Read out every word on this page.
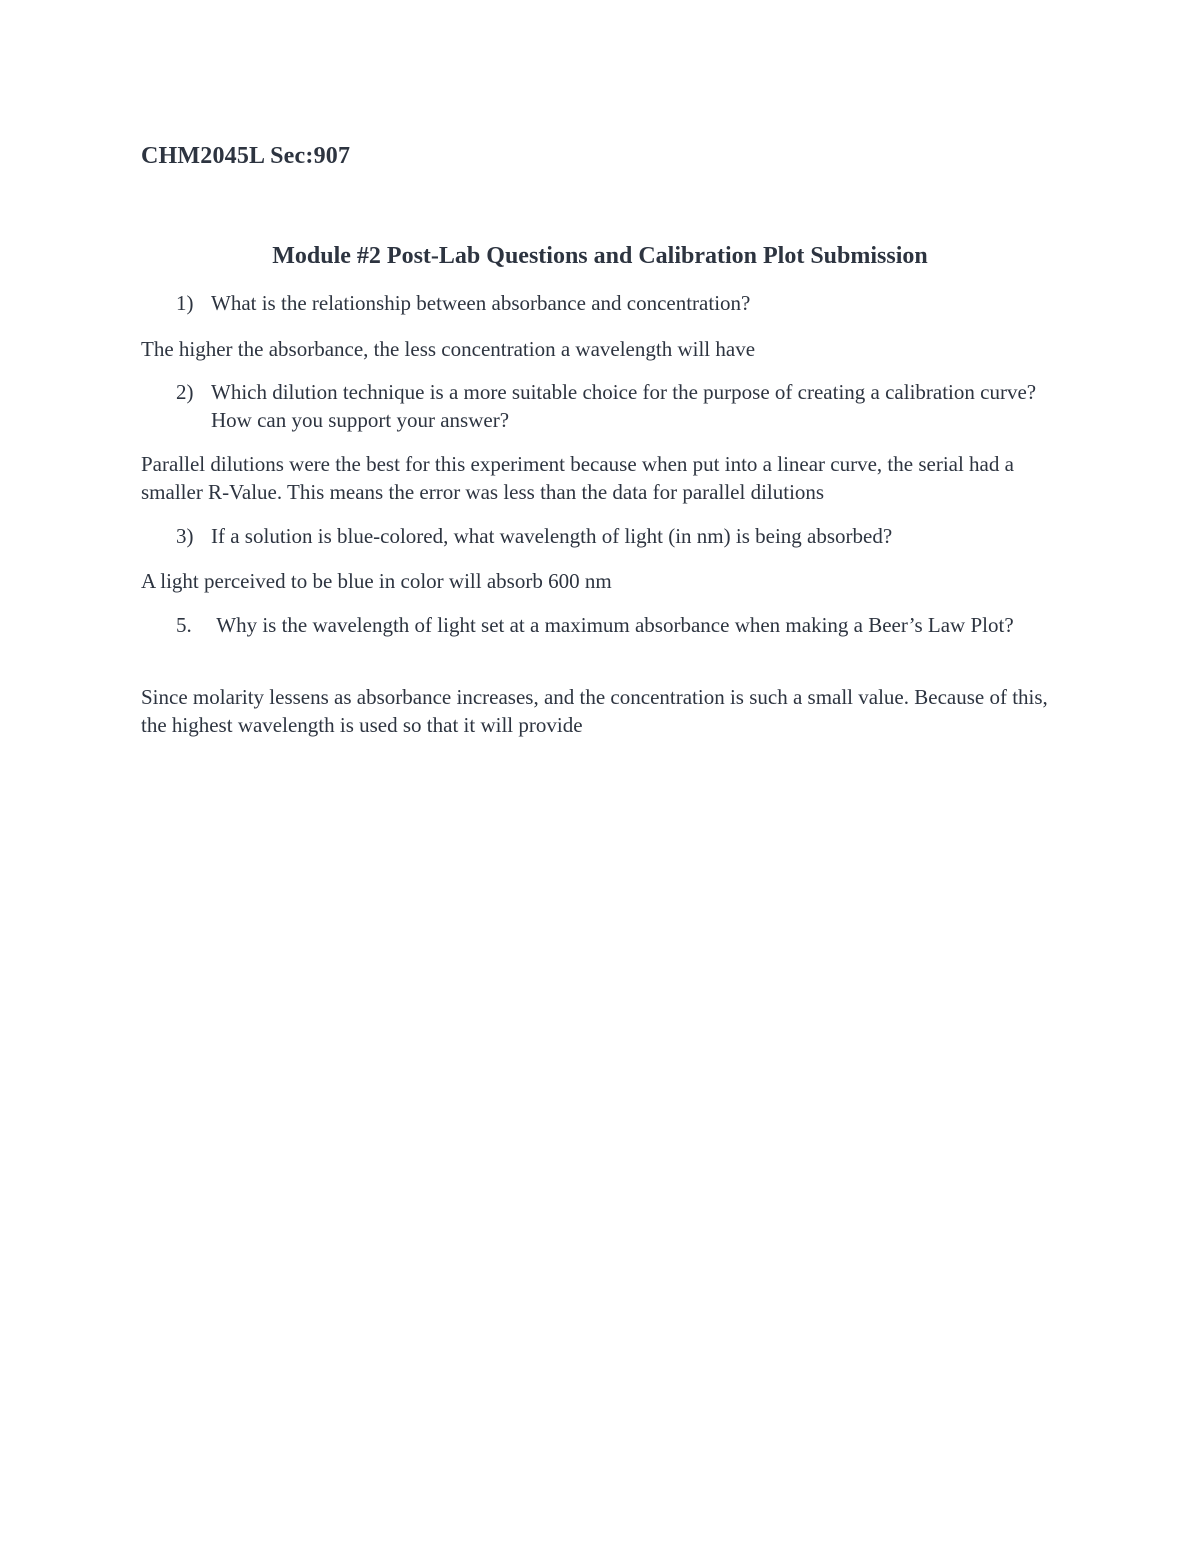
CHM2045L Sec:907
Module #2 Post-Lab Questions and Calibration Plot Submission
1) What is the relationship between absorbance and concentration?
The higher the absorbance, the less concentration a wavelength will have
2) Which dilution technique is a more suitable choice for the purpose of creating a calibration curve? How can you support your answer?
Parallel dilutions were the best for this experiment because when put into a linear curve, the serial had a smaller R-Value. This means the error was less than the data for parallel dilutions
3) If a solution is blue-colored, what wavelength of light (in nm) is being absorbed?
A light perceived to be blue in color will absorb 600 nm
5. Why is the wavelength of light set at a maximum absorbance when making a Beer’s Law Plot?
Since molarity lessens as absorbance increases, and the concentration is such a small value. Because of this, the highest wavelength is used so that it will provide
